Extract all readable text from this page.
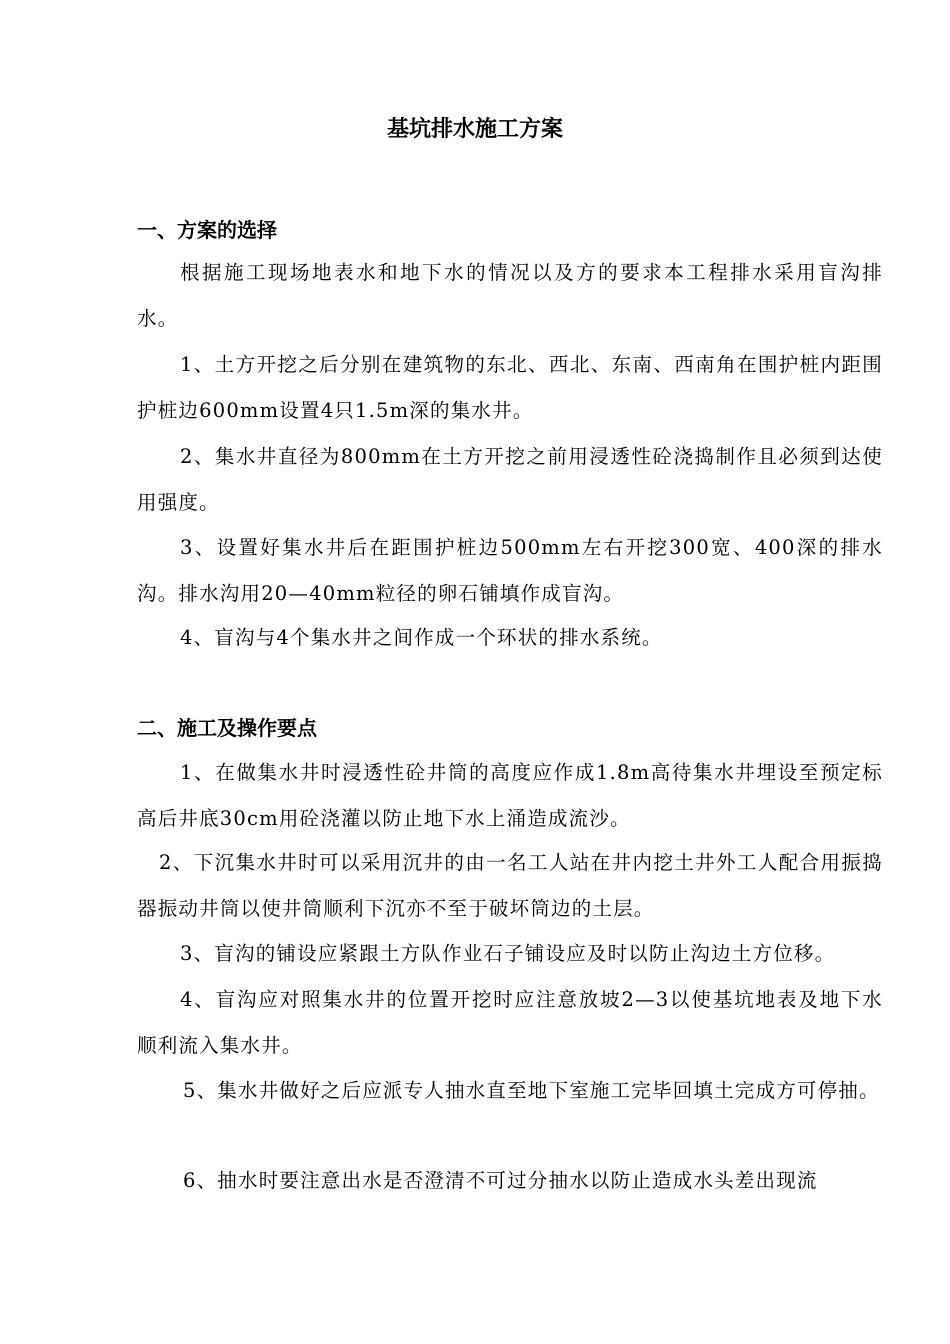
基坑排水施工方案
一、方案的选择

根据施工现场地表水和地下水的情况以及方的要求本工程排水采用盲沟排水。

1、土方开挖之后分别在建筑物的东北、西北、东南、西南角在围护桩内距围护桩边600mm设置4只1.5m深的集水井。

2、集水井直径为800mm在土方开挖之前用浸透性砼浇捣制作且必须到达使用强度。

3、设置好集水井后在距围护桩边500mm左右开挖300宽、400深的排水沟。排水沟用20—40mm粒径的卵石铺填作成盲沟。

4、盲沟与4个集水井之间作成一个环状的排水系统。

二、施工及操作要点

1、在做集水井时浸透性砼井筒的高度应作成1.8m高待集水井埋设至预定标高后井底30cm用砼浇灌以防止地下水上涌造成流沙。

2、下沉集水井时可以采用沉井的由一名工人站在井内挖土井外工人配合用振捣器振动井筒以使井筒顺利下沉亦不至于破坏筒边的土层。

3、盲沟的铺设应紧跟土方队作业石子铺设应及时以防止沟边土方位移。

4、盲沟应对照集水井的位置开挖时应注意放坡2—3以使基坑地表及地下水顺利流入集水井。

5、集水井做好之后应派专人抽水直至地下室施工完毕回填土完成方可停抽。

6、抽水时要注意出水是否澄清不可过分抽水以防止造成水头差出现流
